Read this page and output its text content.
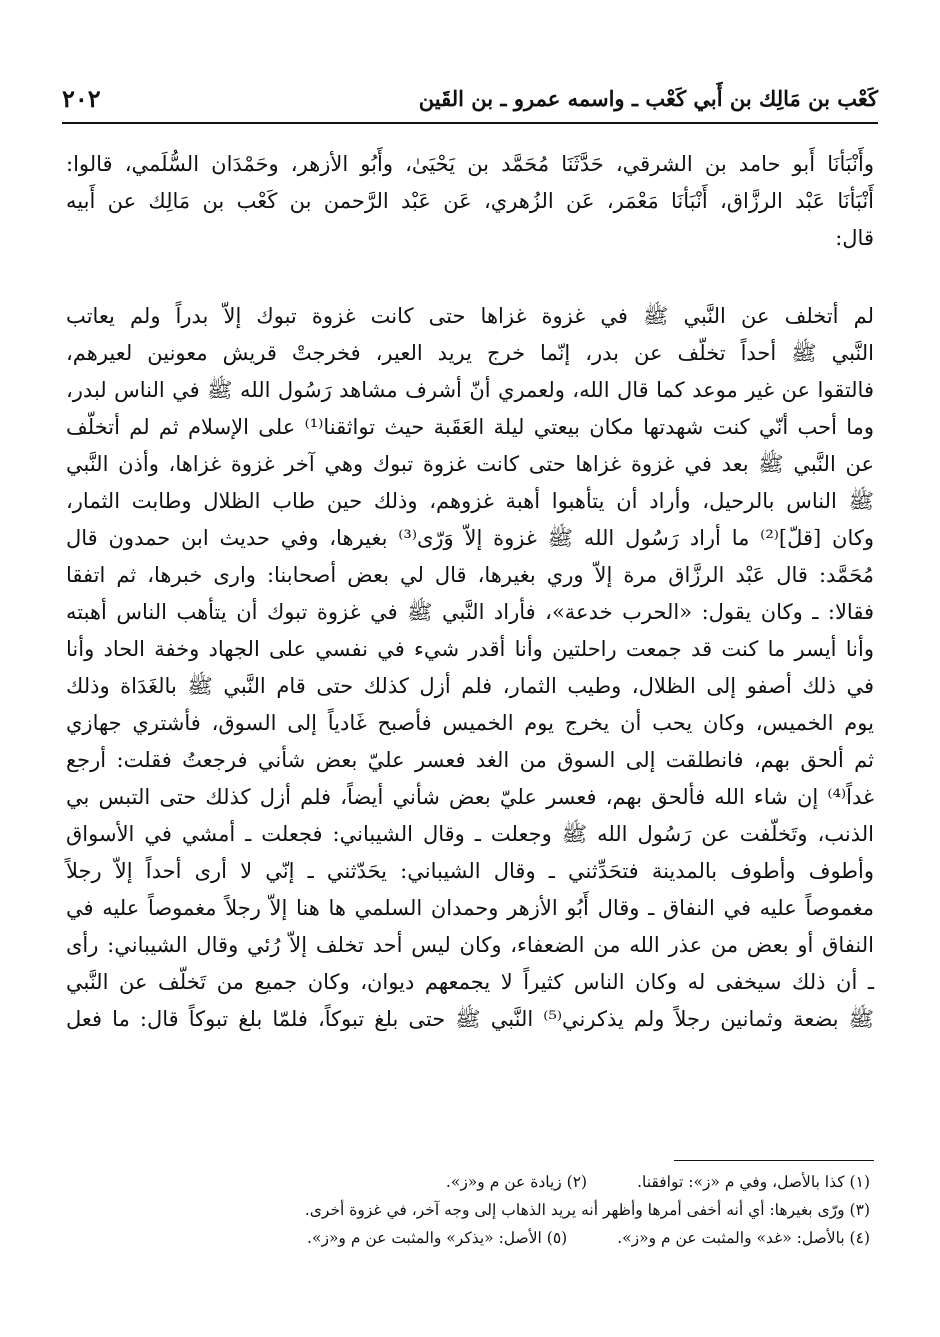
كَعْب بن مَالِك بن أَبي كَعْب ـ واسمه عمرو ـ بن القَين
٢٠٢
وأَنْبَأنَا أَبو حامد بن الشرقي، حَدَّثَنَا مُحَمَّد بن يَحْيَىٰ، وأَبُو الأزهر، وحَمْدَان السُّلَمي، قالوا:
أَنْبَأنَا عَبْد الرزَّاق، أَنْبَأنَا مَعْمَر، عَن الزُهري، عَن عَبْد الرَّحمن بن كَعْب بن مَالِك عن أَبيه
قال:
لم أتخلف عن النَّبي ﷺ في غزوة غزاها حتى كانت غزوة تبوك إلاّ بدراً ولم يعاتب
النَّبي ﷺ أحداً تخلّف عن بدر، إنّما خرج يريد العير، فخرجتْ قريش معونين لعيرهم،
فالتقوا عن غير موعد كما قال الله، ولعمري أنّ أشرف مشاهد رَسُول الله ﷺ في الناس لبدر،
وما أحب أنّي كنت شهدتها مكان بيعتي ليلة العَقَبة حيث تواثقنا⁽¹⁾ على الإسلام ثم لم أتخلّف
عن النَّبي ﷺ بعد في غزوة غزاها حتى كانت غزوة تبوك وهي آخر غزوة غزاها، وأذن النَّبي
ﷺ الناس بالرحيل، وأراد أن يتأهبوا أهبة غزوهم، وذلك حين طاب الظلال وطابت الثمار،
وكان [قلّ]⁽²⁾ ما أراد رَسُول الله ﷺ غزوة إلاّ وَرّى⁽³⁾ بغيرها، وفي حديث ابن حمدون قال
مُحَمَّد: قال عَبْد الرزَّاق مرة إلاّ وري بغيرها، قال لي بعض أصحابنا: وارى خبرها، ثم اتفقا
فقالا: ـ وكان يقول: «الحرب خدعة»، فأراد النَّبي ﷺ في غزوة تبوك أن يتأهب الناس أهبته
وأنا أيسر ما كنت قد جمعت راحلتين وأنا أقدر شيء في نفسي على الجهاد وخفة الحاد وأنا
في ذلك أصفو إلى الظلال، وطيب الثمار، فلم أزل كذلك حتى قام النَّبي ﷺ بالغَدَاة وذلك
يوم الخميس، وكان يحب أن يخرج يوم الخميس فأصبح غَادياً إلى السوق، فأشتري جهازي
ثم ألحق بهم، فانطلقت إلى السوق من الغد فعسر عليّ بعض شأني فرجعتُ فقلت: أرجع
غداً⁽⁴⁾ إن شاء الله فألحق بهم، فعسر عليّ بعض شأني أيضاً، فلم أزل كذلك حتى التبس بي
الذنب، وتَخلّفت عن رَسُول الله ﷺ وجعلت ـ وقال الشيباني: فجعلت ـ أمشي في الأسواق
وأطوف وأطوف بالمدينة فتحَدِّثني ـ وقال الشيباني: يحَدّثني ـ إنّي لا أرى أحداً إلاّ رجلاً
مغموصاً عليه في النفاق ـ وقال أَبُو الأزهر وحمدان السلمي ها هنا إلاّ رجلاً مغموصاً عليه في
النفاق أو بعض من عذر الله من الضعفاء، وكان ليس أحد تخلف إلاّ رُئي وقال الشيباني: رأى
ـ أن ذلك سيخفى له وكان الناس كثيراً لا يجمعهم ديوان، وكان جميع من تَخلّف عن النَّبي
ﷺ بضعة وثمانين رجلاً ولم يذكرني⁽⁵⁾ النَّبي ﷺ حتى بلغ تبوكاً، فلمّا بلغ تبوكاً قال: ما فعل
(١) كذا بالأصل، وفي م «ز»: توافقنا.(٢) زيادة عن م و«ز».
(٣) ورّى بغيرها: أي أنه أخفى أمرها وأظهر أنه يريد الذهاب إلى وجه آخر، في غزوة أخرى.
(٤) بالأصل: «غد» والمثبت عن م و«ز».(٥) الأصل: «يذكر» والمثبت عن م و«ز».
